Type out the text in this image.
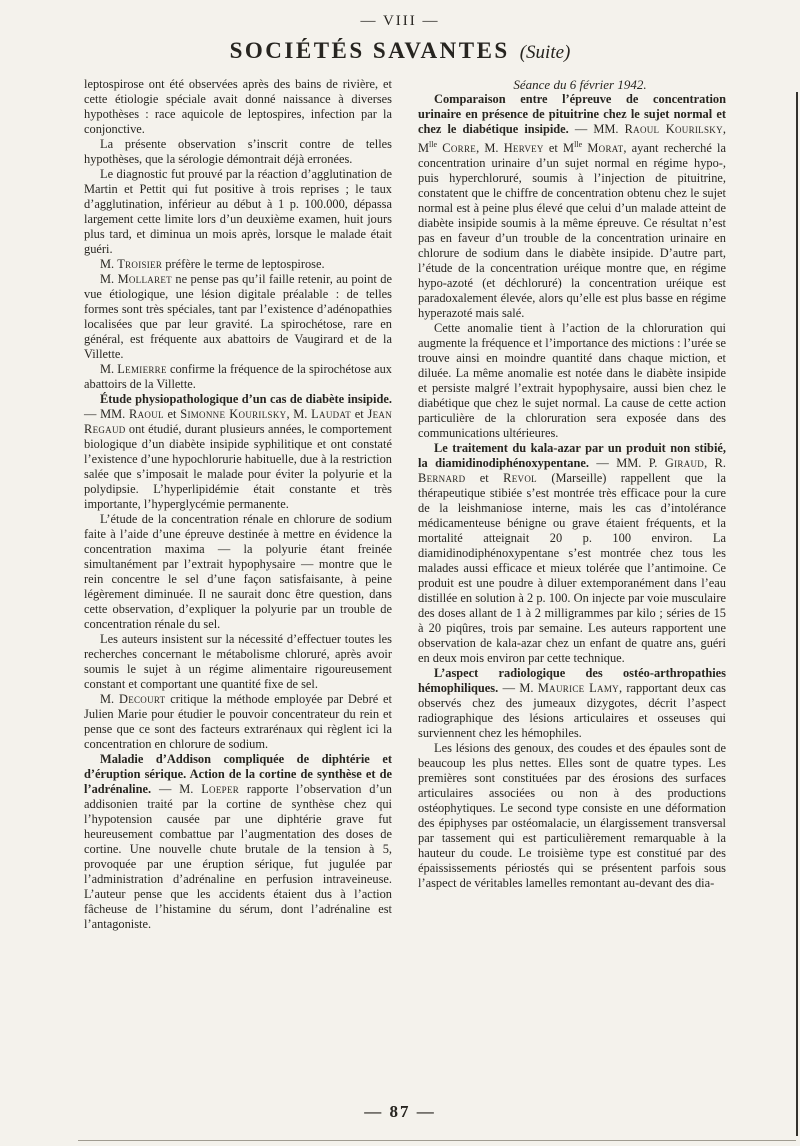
— VIII —
SOCIÉTÉS SAVANTES (Suite)

leptospirose ont été observées après des bains de rivière, et cette étiologie spéciale avait donné naissance à diverses hypothèses : race aquicole de leptospires, infection par la conjonctive.

La présente observation s’inscrit contre de telles hypothèses, que la sérologie démontrait déjà erronées.

Le diagnostic fut prouvé par la réaction d’agglutination de Martin et Pettit qui fut positive à trois reprises ; le taux d’agglutination, inférieur au début à 1 p. 100.000, dépassa largement cette limite lors d’un deuxième examen, huit jours plus tard, et diminua un mois après, lorsque le malade était guéri.

M. Troisier préfère le terme de leptospirose.

M. Mollaret ne pense pas qu’il faille retenir, au point de vue étiologique, une lésion digitale préalable : de telles formes sont très spéciales, tant par l’existence d’adénopathies localisées que par leur gravité. La spirochétose, rare en général, est fréquente aux abattoirs de Vaugirard et de la Villette.

M. Lemierre confirme la fréquence de la spirochétose aux abattoirs de la Villette.

Étude physiopathologique d’un cas de diabète insipide. — MM. Raoul et Simonne Kourilsky, M. Laudat et Jean Regaud ont étudié, durant plusieurs années, le comportement biologique d’un diabète insipide syphilitique et ont constaté l’existence d’une hypochlorurie habituelle, due à la restriction salée que s’imposait le malade pour éviter la polyurie et la polydipsie. L’hyperlipidémie était constante et très importante, l’hyperglycémie permanente.

L’étude de la concentration rénale en chlorure de sodium faite à l’aide d’une épreuve destinée à mettre en évidence la concentration maxima — la polyurie étant freinée simultanément par l’extrait hypophysaire — montre que le rein concentre le sel d’une façon satisfaisante, à peine légèrement diminuée. Il ne saurait donc être question, dans cette observation, d’expliquer la polyurie par un trouble de concentration rénale du sel.

Les auteurs insistent sur la nécessité d’effectuer toutes les recherches concernant le métabolisme chloruré, après avoir soumis le sujet à un régime alimentaire rigoureusement constant et comportant une quantité fixe de sel.

M. Decourt critique la méthode employée par Debré et Julien Marie pour étudier le pouvoir concentrateur du rein et pense que ce sont des facteurs extrarénaux qui règlent ici la concentration en chlorure de sodium.

Maladie d’Addison compliquée de diphtérie et d’éruption sérique. Action de la cortine de synthèse et de l’adrénaline. — M. Loeper rapporte l’observation d’un addisonien traité par la cortine de synthèse chez qui l’hypotension causée par une diphtérie grave fut heureusement combattue par l’augmentation des doses de cortine. Une nouvelle chute brutale de la tension à 5, provoquée par une éruption sérique, fut jugulée par l’administration d’adrénaline en perfusion intraveineuse. L’auteur pense que les accidents étaient dus à l’action fâcheuse de l’histamine du sérum, dont l’adrénaline est l’antagoniste.

Séance du 6 février 1942.

Comparaison entre l’épreuve de concentration urinaire en présence de pituitrine chez le sujet normal et chez le diabétique insipide. — MM. Raoul Kourilsky, $M^{lle}$ Corre, M. Hervey et $M^{lle}$ Morat, ayant recherché la concentration urinaire d’un sujet normal en régime hypo-, puis hyperchloruré, soumis à l’injection de pituitrine, constatent que le chiffre de concentration obtenu chez le sujet normal est à peine plus élevé que celui d’un malade atteint de diabète insipide soumis à la même épreuve. Ce résultat n’est pas en faveur d’un trouble de la concentration urinaire en chlorure de sodium dans le diabète insipide. D’autre part, l’étude de la concentration uréique montre que, en régime hypo-azoté (et déchloruré) la concentration uréique est paradoxalement élevée, alors qu’elle est plus basse en régime hyperazoté mais salé.

Cette anomalie tient à l’action de la chloruration qui augmente la fréquence et l’importance des mictions : l’urée se trouve ainsi en moindre quantité dans chaque miction, et diluée. La même anomalie est notée dans le diabète insipide et persiste malgré l’extrait hypophysaire, aussi bien chez le diabétique que chez le sujet normal. La cause de cette action particulière de la chloruration sera exposée dans des communications ultérieures.

Le traitement du kala-azar par un produit non stibié, la diamidinodiphénoxypentane. — MM. P. Giraud, R. Bernard et Revol (Marseille) rappellent que la thérapeutique stibiée s’est montrée très efficace pour la cure de la leishmaniose interne, mais les cas d’intolérance médicamenteuse bénigne ou grave étaient fréquents, et la mortalité atteignait 20 p. 100 environ. La diamidinodiphénoxypentane s’est montrée chez tous les malades aussi efficace et mieux tolérée que l’antimoine. Ce produit est une poudre à diluer extemporanément dans l’eau distillée en solution à 2 p. 100. On injecte par voie musculaire des doses allant de 1 à 2 milligrammes par kilo ; séries de 15 à 20 piqûres, trois par semaine. Les auteurs rapportent une observation de kala-azar chez un enfant de quatre ans, guéri en deux mois environ par cette technique.

L’aspect radiologique des ostéo-arthropathies hémophiliques. — M. Maurice Lamy, rapportant deux cas observés chez des jumeaux dizygotes, décrit l’aspect radiographique des lésions articulaires et osseuses qui surviennent chez les hémophiles.

Les lésions des genoux, des coudes et des épaules sont de beaucoup les plus nettes. Elles sont de quatre types. Les premières sont constituées par des érosions des surfaces articulaires associées ou non à des productions ostéophytiques. Le second type consiste en une déformation des épiphyses par ostéomalacie, un élargissement transversal par tassement qui est particulièrement remarquable à la hauteur du coude. Le troisième type est constitué par des épaississements périostés qui se présentent parfois sous l’aspect de véritables lamelles remontant au-devant des dia-

— 87 —
